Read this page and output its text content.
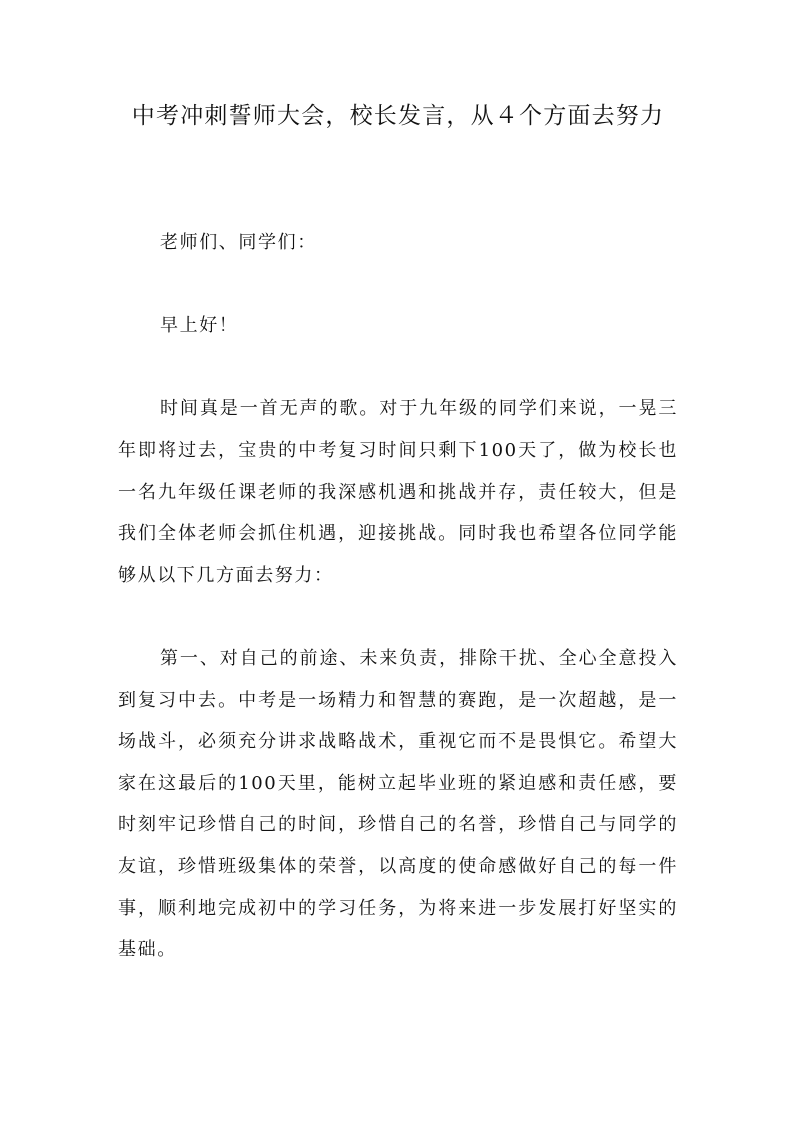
中考冲刺誓师大会，校长发言，从４个方面去努力

老师们、同学们：

早上好！

时间真是一首无声的歌。对于九年级的同学们来说，一晃三年即将过去，宝贵的中考复习时间只剩下100天了，做为校长也一名九年级任课老师的我深感机遇和挑战并存，责任较大，但是我们全体老师会抓住机遇，迎接挑战。同时我也希望各位同学能够从以下几方面去努力：

第一、对自己的前途、未来负责，排除干扰、全心全意投入到复习中去。中考是一场精力和智慧的赛跑，是一次超越，是一场战斗，必须充分讲求战略战术，重视它而不是畏惧它。希望大家在这最后的100天里，能树立起毕业班的紧迫感和责任感，要时刻牢记珍惜自己的时间，珍惜自己的名誉，珍惜自己与同学的友谊，珍惜班级集体的荣誉，以高度的使命感做好自己的每一件事，顺利地完成初中的学习任务，为将来进一步发展打好坚实的基础。
